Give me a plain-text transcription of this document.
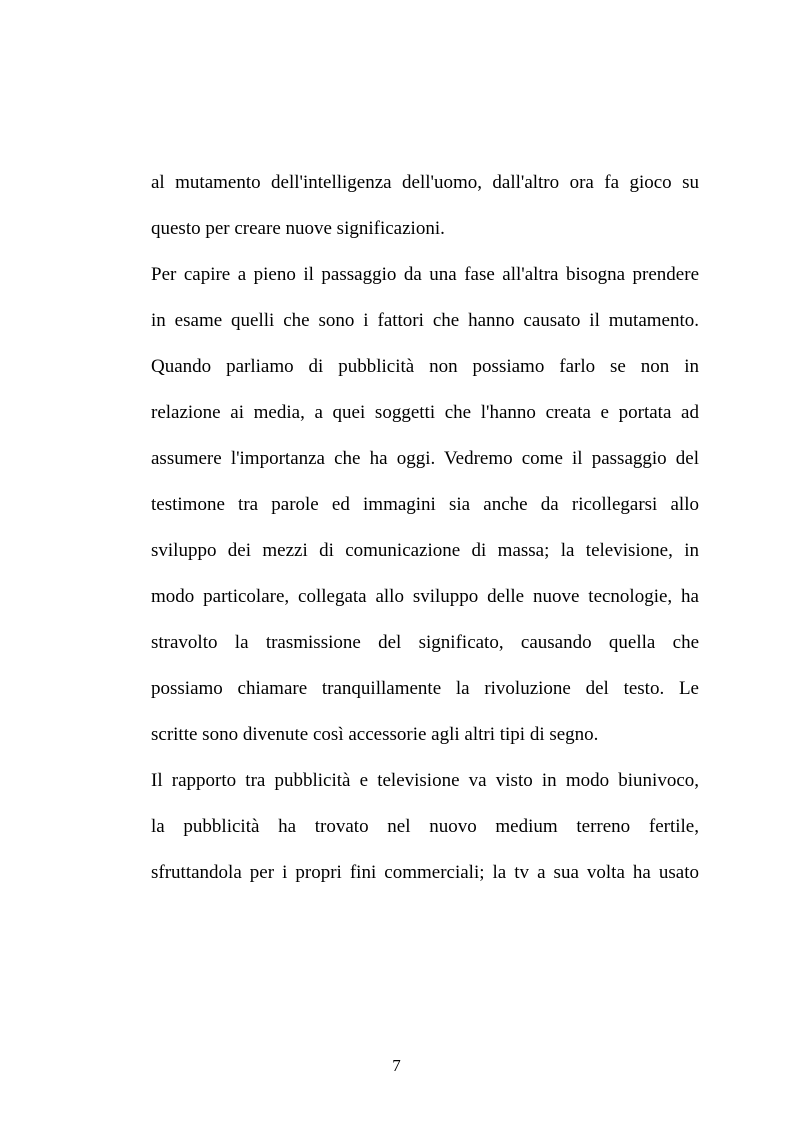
al mutamento dell'intelligenza dell'uomo, dall'altro ora fa gioco su

questo per creare nuove significazioni.

Per capire a pieno il passaggio da una fase all'altra bisogna prendere

in esame quelli che sono i fattori che hanno causato il mutamento.

Quando parliamo di pubblicità non possiamo farlo se non in

relazione ai media, a quei soggetti che l'hanno creata e portata ad

assumere l'importanza che ha oggi. Vedremo come il passaggio del

testimone tra parole ed immagini sia anche da ricollegarsi allo

sviluppo dei mezzi di comunicazione di massa; la televisione, in

modo particolare, collegata allo sviluppo delle nuove tecnologie, ha

stravolto la trasmissione del significato, causando quella che

possiamo chiamare tranquillamente la rivoluzione del testo. Le

scritte sono divenute così accessorie agli altri tipi di segno.

Il rapporto tra pubblicità e televisione va visto in modo biunivoco,

la pubblicità ha trovato nel nuovo medium terreno fertile,

sfruttandola per i propri fini commerciali; la tv a sua volta ha usato

7
